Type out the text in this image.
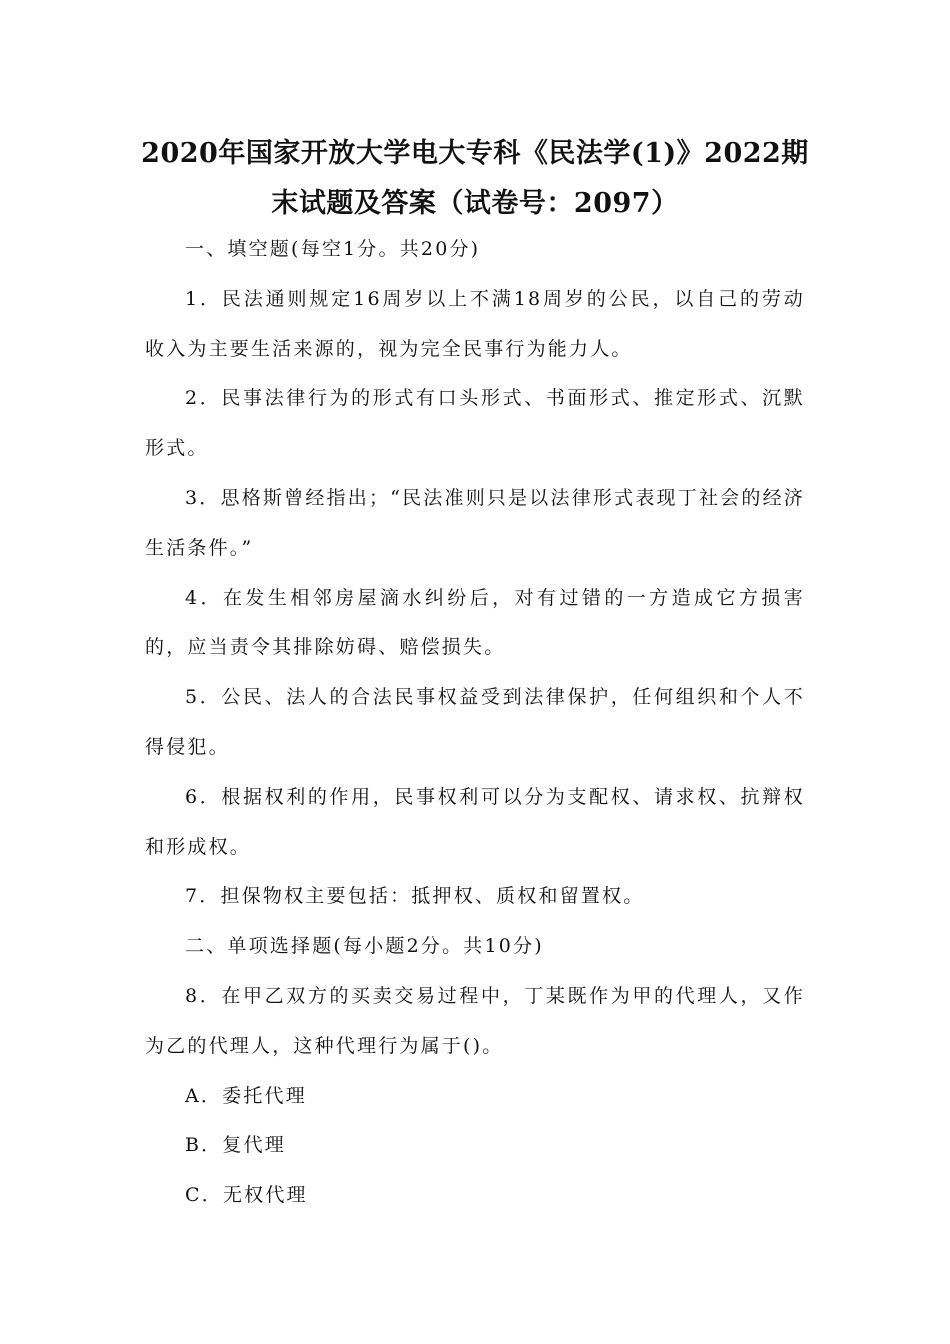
2020年国家开放大学电大专科《民法学(1)》2022期
末试题及答案（试卷号：2097）

一、填空题(每空1分。共20分)

1．民法通则规定16周岁以上不满18周岁的公民，以自己的劳动收入为主要生活来源的，视为完全民事行为能力人。

2．民事法律行为的形式有口头形式、书面形式、推定形式、沉默形式。

3．思格斯曾经指出；“民法准则只是以法律形式表现丁社会的经济生活条件。”

4．在发生相邻房屋滴水纠纷后，对有过错的一方造成它方损害的，应当责令其排除妨碍、赔偿损失。

5．公民、法人的合法民事权益受到法律保护，任何组织和个人不得侵犯。

6．根据权利的作用，民事权利可以分为支配权、请求权、抗辩权和形成权。

7．担保物权主要包括：抵押权、质权和留置权。

二、单项选择题(每小题2分。共10分)

8．在甲乙双方的买卖交易过程中，丁某既作为甲的代理人，又作为乙的代理人，这种代理行为属于()。

A．委托代理

B．复代理

C．无权代理
